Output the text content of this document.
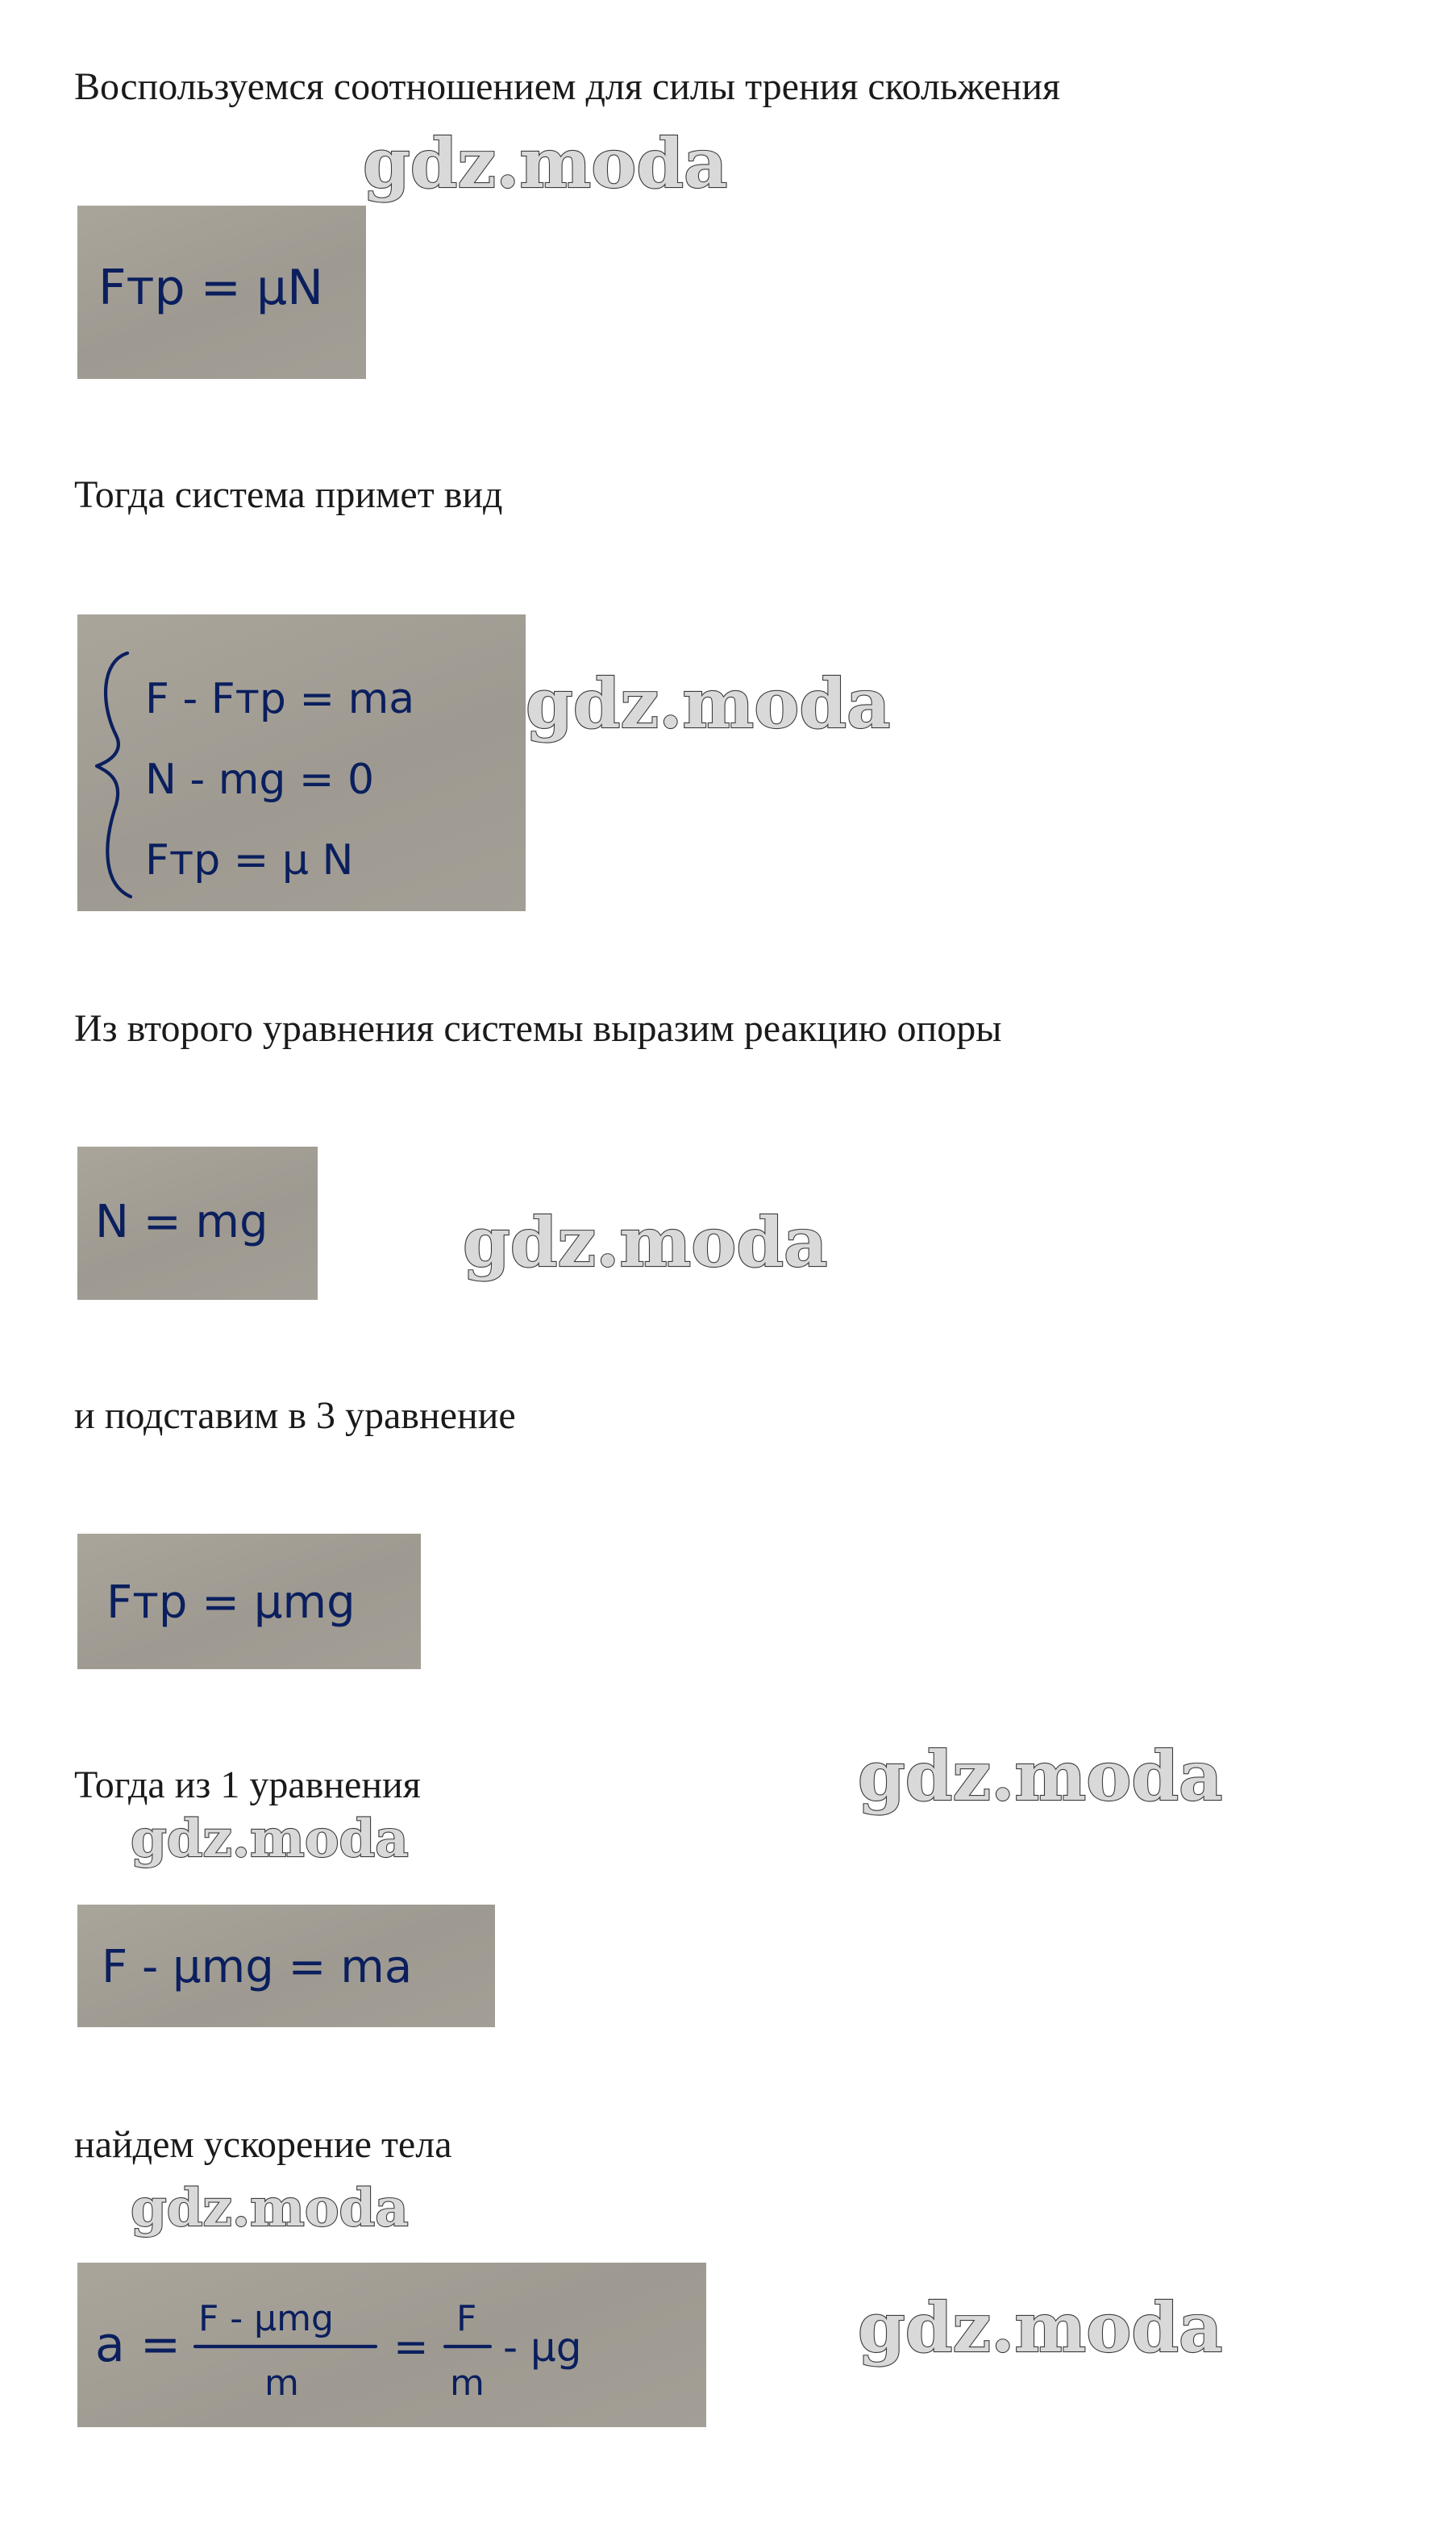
Воспользуемся соотношением для силы трения скольжения

gdz.moda
Fтр = μN

Тогда система примет вид

F - Fтр = ma
N - mg = 0
Fтр = μ N
gdz.moda

Из второго уравнения системы выразим реакцию опоры

N = mg	gdz.moda

и подставим в 3 уравнение

Fтр = μmg

Тогда из 1 уравнения	gdz.moda
gdz.moda
F - μmg = ma

найдем ускорение тела

gdz.moda
a = F - μmg
m
=
F
m
- μg	gdz.moda
